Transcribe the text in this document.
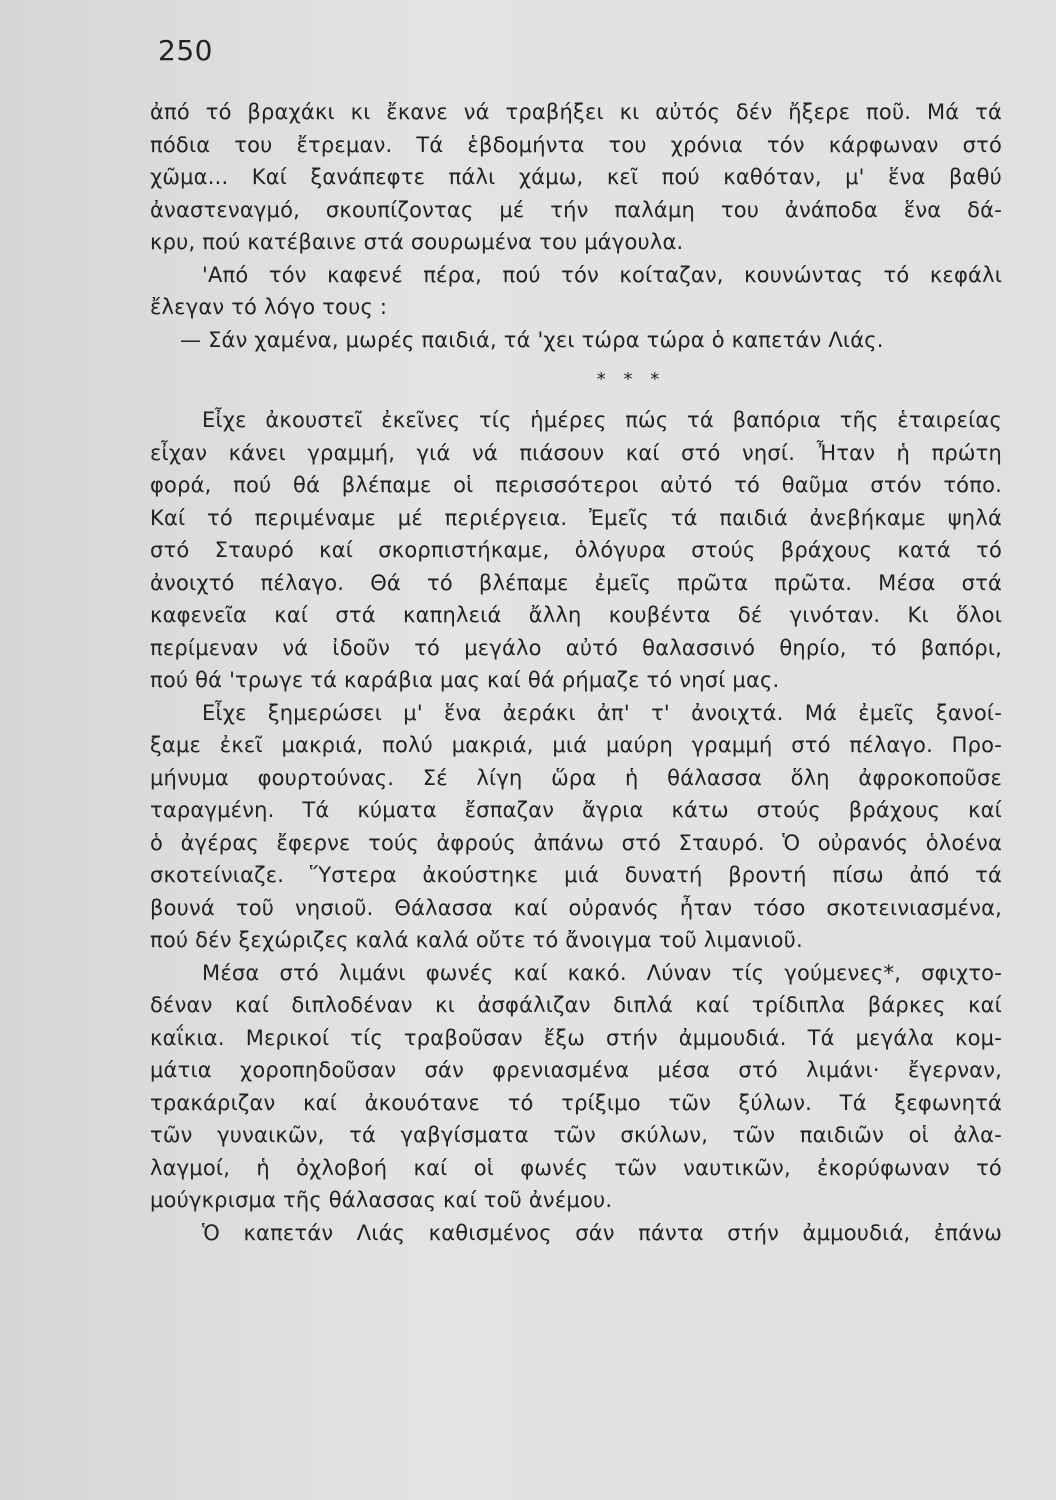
250
ἀπό τό βραχάκι κι ἔκανε νά τραβήξει κι αὐτός δέν ἤξερε ποῦ. Μά τά
πόδια του ἔτρεμαν. Τά ἑβδομήντα του χρόνια τόν κάρφωναν στό
χῶμα... Καί ξανάπεφτε πάλι χάμω, κεῖ πού καθόταν, μ' ἕνα βαθύ
ἀναστεναγμό, σκουπίζοντας μέ τήν παλάμη του ἀνάποδα ἕνα δά-
κρυ, πού κατέβαινε στά σουρωμένα του μάγουλα.
'Από τόν καφενέ πέρα, πού τόν κοίταζαν, κουνώντας τό κεφάλι
ἔλεγαν τό λόγο τους :
— Σάν χαμένα, μωρές παιδιά, τά 'χει τώρα τώρα ὁ καπετάν Λιάς.
* * *
Εἶχε ἀκουστεῖ ἐκεῖνες τίς ἡμέρες πώς τά βαπόρια τῆς ἑταιρείας
εἶχαν κάνει γραμμή, γιά νά πιάσουν καί στό νησί. Ἦταν ἡ πρώτη
φορά, πού θά βλέπαμε οἱ περισσότεροι αὐτό τό θαῦμα στόν τόπο.
Καί τό περιμέναμε μέ περιέργεια. Ἐμεῖς τά παιδιά ἀνεβήκαμε ψηλά
στό Σταυρό καί σκορπιστήκαμε, ὁλόγυρα στούς βράχους κατά τό
ἀνοιχτό πέλαγο. Θά τό βλέπαμε ἐμεῖς πρῶτα πρῶτα. Μέσα στά
καφενεῖα καί στά καπηλειά ἄλλη κουβέντα δέ γινόταν. Κι ὅλοι
περίμεναν νά ἰδοῦν τό μεγάλο αὐτό θαλασσινό θηρίο, τό βαπόρι,
πού θά 'τρωγε τά καράβια μας καί θά ρήμαζε τό νησί μας.
Εἶχε ξημερώσει μ' ἕνα ἀεράκι ἀπ' τ' ἀνοιχτά. Μά ἐμεῖς ξανοί-
ξαμε ἐκεῖ μακριά, πολύ μακριά, μιά μαύρη γραμμή στό πέλαγο. Προ-
μήνυμα φουρτούνας. Σέ λίγη ὥρα ἡ θάλασσα ὅλη ἀφροκοποῦσε
ταραγμένη. Τά κύματα ἔσπαζαν ἄγρια κάτω στούς βράχους καί
ὁ ἀγέρας ἔφερνε τούς ἀφρούς ἀπάνω στό Σταυρό. Ὁ οὐρανός ὁλοένα
σκοτείνιαζε. Ὕστερα ἀκούστηκε μιά δυνατή βροντή πίσω ἀπό τά
βουνά τοῦ νησιοῦ. Θάλασσα καί οὐρανός ἦταν τόσο σκοτεινιασμένα,
πού δέν ξεχώριζες καλά καλά οὔτε τό ἄνοιγμα τοῦ λιμανιοῦ.
Μέσα στό λιμάνι φωνές καί κακό. Λύναν τίς γούμενες*, σφιχτο-
δέναν καί διπλοδέναν κι ἀσφάλιζαν διπλά καί τρίδιπλα βάρκες καί
καΐκια. Μερικοί τίς τραβοῦσαν ἔξω στήν ἀμμουδιά. Τά μεγάλα κομ-
μάτια χοροπηδοῦσαν σάν φρενιασμένα μέσα στό λιμάνι· ἔγερναν,
τρακάριζαν καί ἀκουότανε τό τρίξιμο τῶν ξύλων. Τά ξεφωνητά
τῶν γυναικῶν, τά γαβγίσματα τῶν σκύλων, τῶν παιδιῶν οἱ ἀλα-
λαγμοί, ἡ ὀχλοβοή καί οἱ φωνές τῶν ναυτικῶν, ἐκορύφωναν τό
μούγκρισμα τῆς θάλασσας καί τοῦ ἀνέμου.
Ὁ καπετάν Λιάς καθισμένος σάν πάντα στήν ἀμμουδιά, ἐπάνω
